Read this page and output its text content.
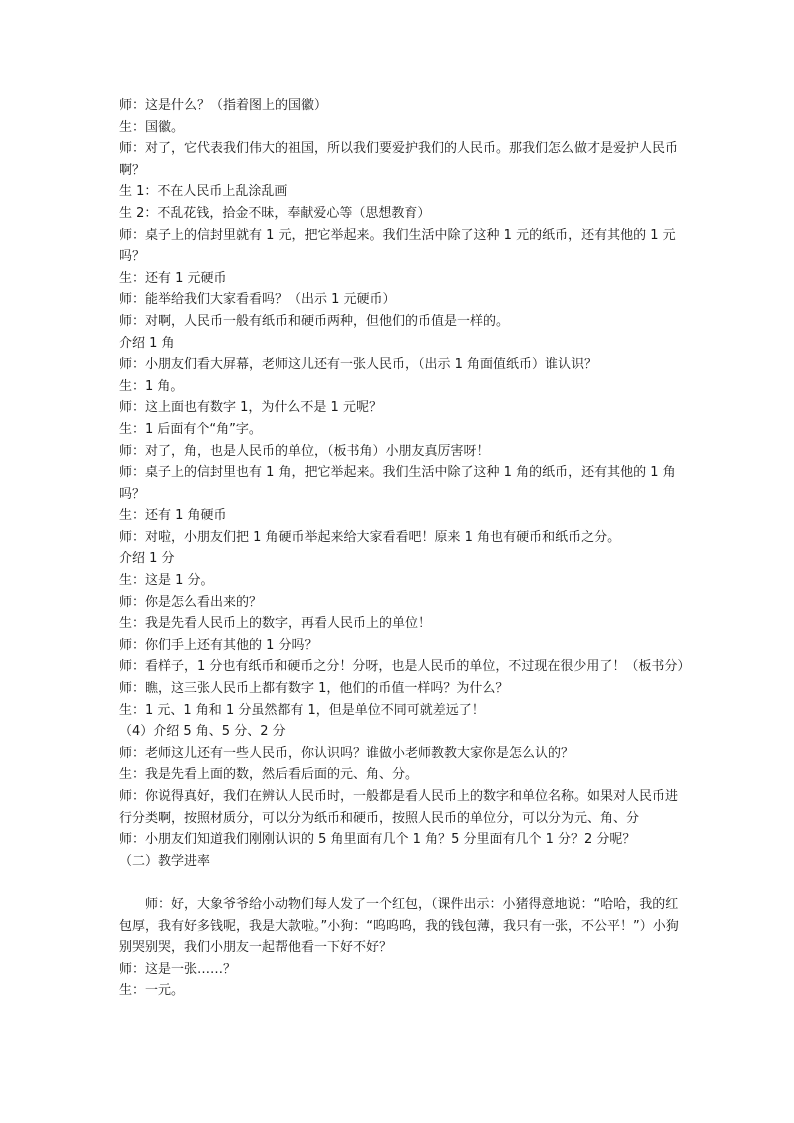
师：这是什么？（指着图上的国徽）
生：国徽。
师：对了，它代表我们伟大的祖国，所以我们要爱护我们的人民币。那我们怎么做才是爱护人民币啊？
生 1：不在人民币上乱涂乱画
生 2：不乱花钱，拾金不昧，奉献爱心等（思想教育）
师：桌子上的信封里就有 1 元，把它举起来。我们生活中除了这种 1 元的纸币，还有其他的 1 元吗？
生：还有 1 元硬币
师：能举给我们大家看看吗？（出示 1 元硬币）
师：对啊，人民币一般有纸币和硬币两种，但他们的币值是一样的。
介绍 1 角
师：小朋友们看大屏幕，老师这儿还有一张人民币，（出示 1 角面值纸币）谁认识？
生：1 角。
师：这上面也有数字 1，为什么不是 1 元呢？
生：1 后面有个“角”字。
师：对了，角，也是人民币的单位，（板书角）小朋友真厉害呀！
师：桌子上的信封里也有 1 角，把它举起来。我们生活中除了这种 1 角的纸币，还有其他的 1 角吗？
生：还有 1 角硬币
师：对啦，小朋友们把 1 角硬币举起来给大家看看吧！原来 1 角也有硬币和纸币之分。
介绍 1 分
生：这是 1 分。
师：你是怎么看出来的？
生：我是先看人民币上的数字，再看人民币上的单位！
师：你们手上还有其他的 1 分吗？
师：看样子，1 分也有纸币和硬币之分！分呀，也是人民币的单位，不过现在很少用了！（板书分）
师：瞧，这三张人民币上都有数字 1，他们的币值一样吗？为什么？
生：1 元、1 角和 1 分虽然都有 1，但是单位不同可就差远了！
（4）介绍 5 角、5 分、2 分
师：老师这儿还有一些人民币，你认识吗？谁做小老师教教大家你是怎么认的？
生：我是先看上面的数，然后看后面的元、角、分。
师：你说得真好，我们在辨认人民币时，一般都是看人民币上的数字和单位名称。如果对人民币进行分类啊，按照材质分，可以分为纸币和硬币，按照人民币的单位分，可以分为元、角、分
师：小朋友们知道我们刚刚认识的 5 角里面有几个 1 角？5 分里面有几个 1 分？2 分呢？
（二）教学进率
师：好，大象爷爷给小动物们每人发了一个红包，（课件出示：小猪得意地说：“哈哈，我的红包厚，我有好多钱呢，我是大款啦。”小狗：“呜呜呜，我的钱包薄，我只有一张，不公平！”）小狗别哭别哭，我们小朋友一起帮他看一下好不好？
师：这是一张……？
生：一元。
